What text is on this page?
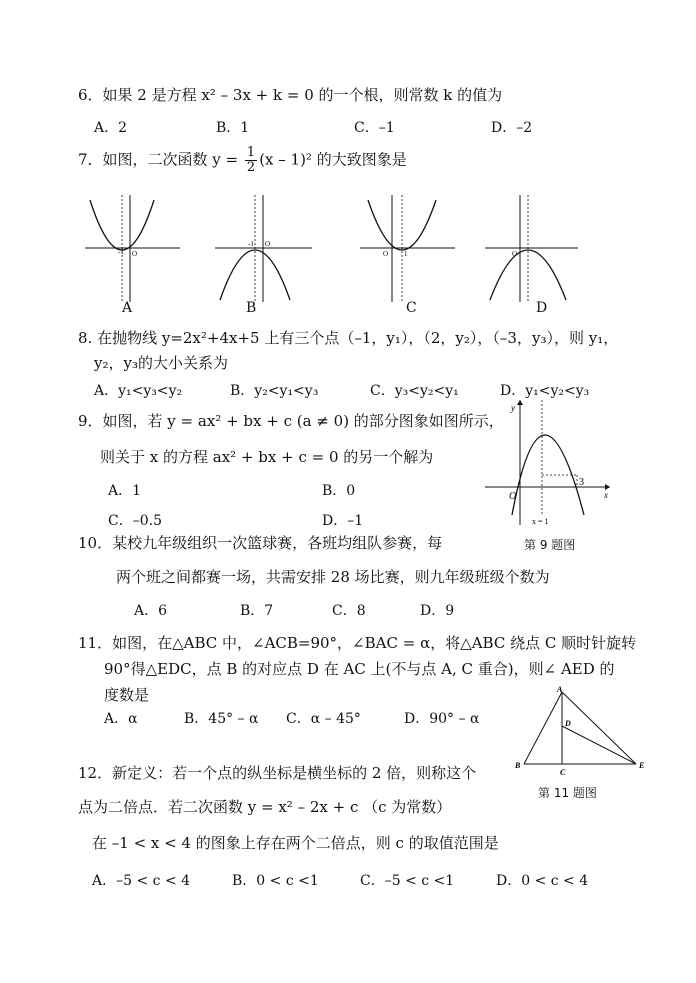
6．如果 2 是方程 x² – 3x + k = 0 的一个根，则常数 k 的值为
A．2	B．1	C．–1	D．–2
7．如图，二次函数 $y = \frac{1}{2} (x - 1)^2$ 的大致图象是
-1 O
-1 O
O 1	O
A	B	C	D
8. 在抛物线 y=2x²+4x+5 上有三个点（–1，y₁），（2，y₂），（–3，y₃），则 y₁，
y₂，y₃的大小关系为
A．y₁<y₃<y₂	B．y₂<y₁<y₃	C．y₃<y₂<y₁	D．y₁<y₂<y₃
9．如图，若 y = ax² + bx + c (a ≠ 0) 的部分图象如图所示，
则关于 x 的方程 ax² + bx + c = 0 的另一个解为
A．1	B．0
C．–0.5	D．–1
y
x
O
3
x = 1
第 9 题图
10．某校九年级组织一次篮球赛，各班均组队参赛，每
两个班之间都赛一场，共需安排 28 场比赛，则九年级班级个数为
A．6	B．7	C．8	D．9
11．如图，在△ABC 中，∠ACB=90°，∠BAC = α，将△ABC 绕点 C 顺时针旋转
90°得△EDC，点 B 的对应点 D 在 AC 上(不与点 A, C 重合)，则∠ AED 的
度数是
A．α	B．45° – α C．α – 45°	D．90° – α
A
B
C
D
E
第 11 题图
12．新定义：若一个点的纵坐标是横坐标的 2 倍，则称这个
点为二倍点．若二次函数 y = x² – 2x + c （c 为常数）
在 –1 < x < 4 的图象上存在两个二倍点，则 c 的取值范围是
A．–5 < c < 4	B．0 < c <1	C．–5 < c <1	D．0 < c < 4
